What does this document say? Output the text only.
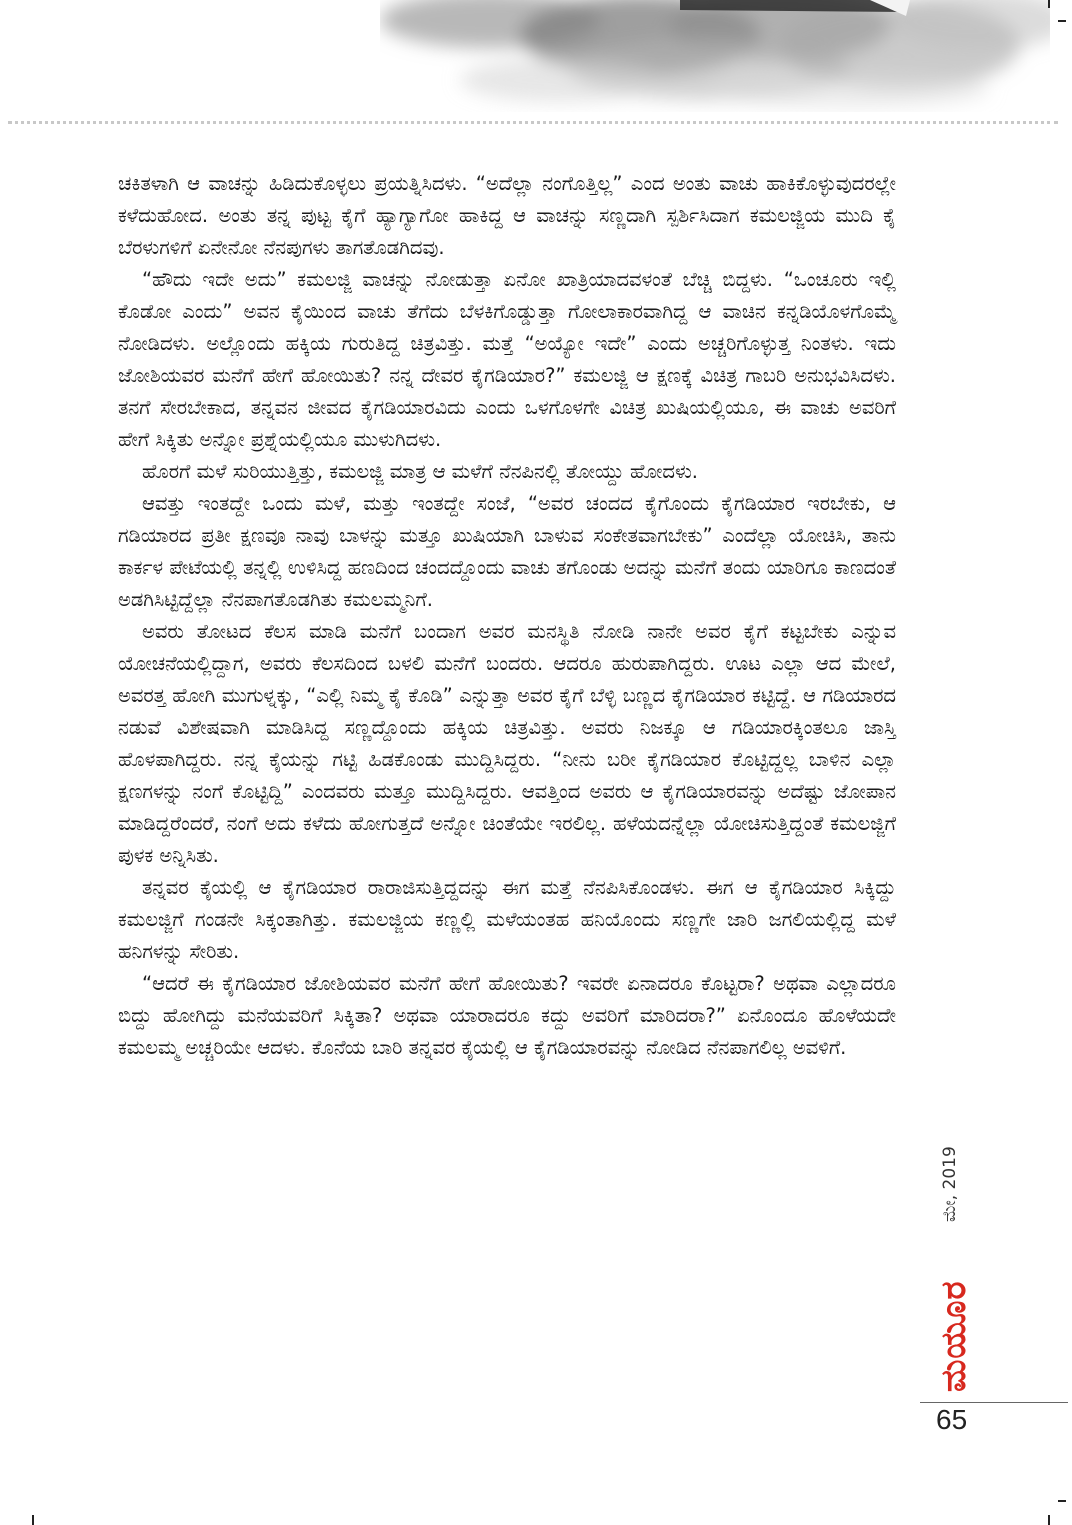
ಚಕಿತಳಾಗಿ ಆ ವಾಚನ್ನು ಹಿಡಿದುಕೊಳ್ಳಲು ಪ್ರಯತ್ನಿಸಿದಳು. “ಅದೆಲ್ಲಾ ನಂಗೊತ್ತಿಲ್ಲ” ಎಂದ ಅಂತು ವಾಚು ಹಾಕಿಕೊಳ್ಳುವುದರಲ್ಲೇ ಕಳೆದುಹೋದ. ಅಂತು ತನ್ನ ಪುಟ್ಟ ಕೈಗೆ ಹ್ಯಾಗ್ಯಾಗೋ ಹಾಕಿದ್ದ ಆ ವಾಚನ್ನು ಸಣ್ಣದಾಗಿ ಸ್ಪರ್ಶಿಸಿದಾಗ ಕಮಲಜ್ಜಿಯ ಮುದಿ ಕೈ ಬೆರಳುಗಳಿಗೆ ಏನೇನೋ ನೆನಪುಗಳು ತಾಗತೊಡಗಿದವು.

“ಹೌದು ಇದೇ ಅದು” ಕಮಲಜ್ಜಿ ವಾಚನ್ನು ನೋಡುತ್ತಾ ಏನೋ ಖಾತ್ರಿಯಾದವಳಂತೆ ಬೆಚ್ಚಿ ಬಿದ್ದಳು. “ಒಂಚೂರು ಇಲ್ಲಿ ಕೊಡೋ ಎಂದು” ಅವನ ಕೈಯಿಂದ ವಾಚು ತೆಗೆದು ಬೆಳಕಿಗೊಡ್ಡುತ್ತಾ ಗೋಲಾಕಾರವಾಗಿದ್ದ ಆ ವಾಚಿನ ಕನ್ನಡಿಯೊಳಗೊಮ್ಮೆ ನೋಡಿದಳು. ಅಲ್ಲೊಂದು ಹಕ್ಕಿಯ ಗುರುತಿದ್ದ ಚಿತ್ರವಿತ್ತು. ಮತ್ತೆ “ಅಯ್ಯೋ ಇದೇ” ಎಂದು ಅಚ್ಚರಿಗೊಳ್ಳುತ್ತ ನಿಂತಳು. ಇದು ಜೋಶಿಯವರ ಮನೆಗೆ ಹೇಗೆ ಹೋಯಿತು? ನನ್ನ ದೇವರ ಕೈಗಡಿಯಾರ?” ಕಮಲಜ್ಜಿ ಆ ಕ್ಷಣಕ್ಕೆ ವಿಚಿತ್ರ ಗಾಬರಿ ಅನುಭವಿಸಿದಳು. ತನಗೆ ಸೇರಬೇಕಾದ, ತನ್ನವನ ಜೀವದ ಕೈಗಡಿಯಾರವಿದು ಎಂದು ಒಳಗೊಳಗೇ ವಿಚಿತ್ರ ಖುಷಿಯಲ್ಲಿಯೂ, ಈ ವಾಚು ಅವರಿಗೆ ಹೇಗೆ ಸಿಕ್ಕಿತು ಅನ್ನೋ ಪ್ರಶ್ನೆಯಲ್ಲಿಯೂ ಮುಳುಗಿದಳು.

ಹೊರಗೆ ಮಳೆ ಸುರಿಯುತ್ತಿತ್ತು, ಕಮಲಜ್ಜಿ ಮಾತ್ರ ಆ ಮಳೆಗೆ ನೆನಪಿನಲ್ಲಿ ತೋಯ್ದು ಹೋದಳು.

ಆವತ್ತು ಇಂತದ್ದೇ ಒಂದು ಮಳೆ, ಮತ್ತು ಇಂತದ್ದೇ ಸಂಜೆ, “ಅವರ ಚಂದದ ಕೈಗೊಂದು ಕೈಗಡಿಯಾರ ಇರಬೇಕು, ಆ ಗಡಿಯಾರದ ಪ್ರತೀ ಕ್ಷಣವೂ ನಾವು ಬಾಳನ್ನು ಮತ್ತೂ ಖುಷಿಯಾಗಿ ಬಾಳುವ ಸಂಕೇತವಾಗಬೇಕು” ಎಂದೆಲ್ಲಾ ಯೋಚಿಸಿ, ತಾನು ಕಾರ್ಕಳ ಪೇಟೆಯಲ್ಲಿ ತನ್ನಲ್ಲಿ ಉಳಿಸಿದ್ದ ಹಣದಿಂದ ಚಂದದ್ದೊಂದು ವಾಚು ತಗೊಂಡು ಅದನ್ನು ಮನೆಗೆ ತಂದು ಯಾರಿಗೂ ಕಾಣದಂತೆ ಅಡಗಿಸಿಟ್ಟಿದ್ದೆಲ್ಲಾ ನೆನಪಾಗತೊಡಗಿತು ಕಮಲಮ್ಮನಿಗೆ.

ಅವರು ತೋಟದ ಕೆಲಸ ಮಾಡಿ ಮನೆಗೆ ಬಂದಾಗ ಅವರ ಮನಸ್ಥಿತಿ ನೋಡಿ ನಾನೇ ಅವರ ಕೈಗೆ ಕಟ್ಟಬೇಕು ಎನ್ನುವ ಯೋಚನೆಯಲ್ಲಿದ್ದಾಗ, ಅವರು ಕೆಲಸದಿಂದ ಬಳಲಿ ಮನೆಗೆ ಬಂದರು. ಆದರೂ ಹುರುಪಾಗಿದ್ದರು. ಊಟ ಎಲ್ಲಾ ಆದ ಮೇಲೆ, ಅವರತ್ತ ಹೋಗಿ ಮುಗುಳ್ನಕ್ಕು, “ಎಲ್ಲಿ ನಿಮ್ಮ ಕೈ ಕೊಡಿ” ಎನ್ನುತ್ತಾ ಅವರ ಕೈಗೆ ಬೆಳ್ಳಿ ಬಣ್ಣದ ಕೈಗಡಿಯಾರ ಕಟ್ಟಿದ್ದೆ. ಆ ಗಡಿಯಾರದ ನಡುವೆ ವಿಶೇಷವಾಗಿ ಮಾಡಿಸಿದ್ದ ಸಣ್ಣದ್ದೊಂದು ಹಕ್ಕಿಯ ಚಿತ್ರವಿತ್ತು. ಅವರು ನಿಜಕ್ಕೂ ಆ ಗಡಿಯಾರಕ್ಕಿಂತಲೂ ಜಾಸ್ತಿ ಹೊಳಪಾಗಿದ್ದರು. ನನ್ನ ಕೈಯನ್ನು ಗಟ್ಟಿ ಹಿಡಕೊಂಡು ಮುದ್ದಿಸಿದ್ದರು. “ನೀನು ಬರೀ ಕೈಗಡಿಯಾರ ಕೊಟ್ಟಿದ್ದಲ್ಲ ಬಾಳಿನ ಎಲ್ಲಾ ಕ್ಷಣಗಳನ್ನು ನಂಗೆ ಕೊಟ್ಟಿದ್ದಿ” ಎಂದವರು ಮತ್ತೂ ಮುದ್ದಿಸಿದ್ದರು. ಆವತ್ತಿಂದ ಅವರು ಆ ಕೈಗಡಿಯಾರವನ್ನು ಅದೆಷ್ಟು ಜೋಪಾನ ಮಾಡಿದ್ದರೆಂದರೆ, ನಂಗೆ ಅದು ಕಳೆದು ಹೋಗುತ್ತದೆ ಅನ್ನೋ ಚಿಂತೆಯೇ ಇರಲಿಲ್ಲ. ಹಳೆಯದನ್ನೆಲ್ಲಾ ಯೋಚಿಸುತ್ತಿದ್ದಂತೆ ಕಮಲಜ್ಜಿಗೆ ಪುಳಕ ಅನ್ನಿಸಿತು.

ತನ್ನವರ ಕೈಯಲ್ಲಿ ಆ ಕೈಗಡಿಯಾರ ರಾರಾಜಿಸುತ್ತಿದ್ದದನ್ನು ಈಗ ಮತ್ತೆ ನೆನಪಿಸಿಕೊಂಡಳು. ಈಗ ಆ ಕೈಗಡಿಯಾರ ಸಿಕ್ಕಿದ್ದು ಕಮಲಜ್ಜಿಗೆ ಗಂಡನೇ ಸಿಕ್ಕಂತಾಗಿತ್ತು. ಕಮಲಜ್ಜಿಯ ಕಣ್ಣಲ್ಲಿ ಮಳೆಯಂತಹ ಹನಿಯೊಂದು ಸಣ್ಣಗೇ ಜಾರಿ ಜಗಲಿಯಲ್ಲಿದ್ದ ಮಳೆ ಹನಿಗಳನ್ನು ಸೇರಿತು.

“ಆದರೆ ಈ ಕೈಗಡಿಯಾರ ಜೋಶಿಯವರ ಮನೆಗೆ ಹೇಗೆ ಹೋಯಿತು? ಇವರೇ ಏನಾದರೂ ಕೊಟ್ಟರಾ? ಅಥವಾ ಎಲ್ಲಾದರೂ ಬಿದ್ದು ಹೋಗಿದ್ದು ಮನೆಯವರಿಗೆ ಸಿಕ್ಕಿತಾ? ಅಥವಾ ಯಾರಾದರೂ ಕದ್ದು ಅವರಿಗೆ ಮಾರಿದರಾ?” ಏನೊಂದೂ ಹೊಳೆಯದೇ ಕಮಲಮ್ಮ ಅಚ್ಚರಿಯೇ ಆದಳು. ಕೊನೆಯ ಬಾರಿ ತನ್ನವರ ಕೈಯಲ್ಲಿ ಆ ಕೈಗಡಿಯಾರವನ್ನು ನೋಡಿದ ನೆನಪಾಗಲಿಲ್ಲ ಅವಳಿಗೆ.

ಮೇ, 2019
ಮಯೂರ
65
